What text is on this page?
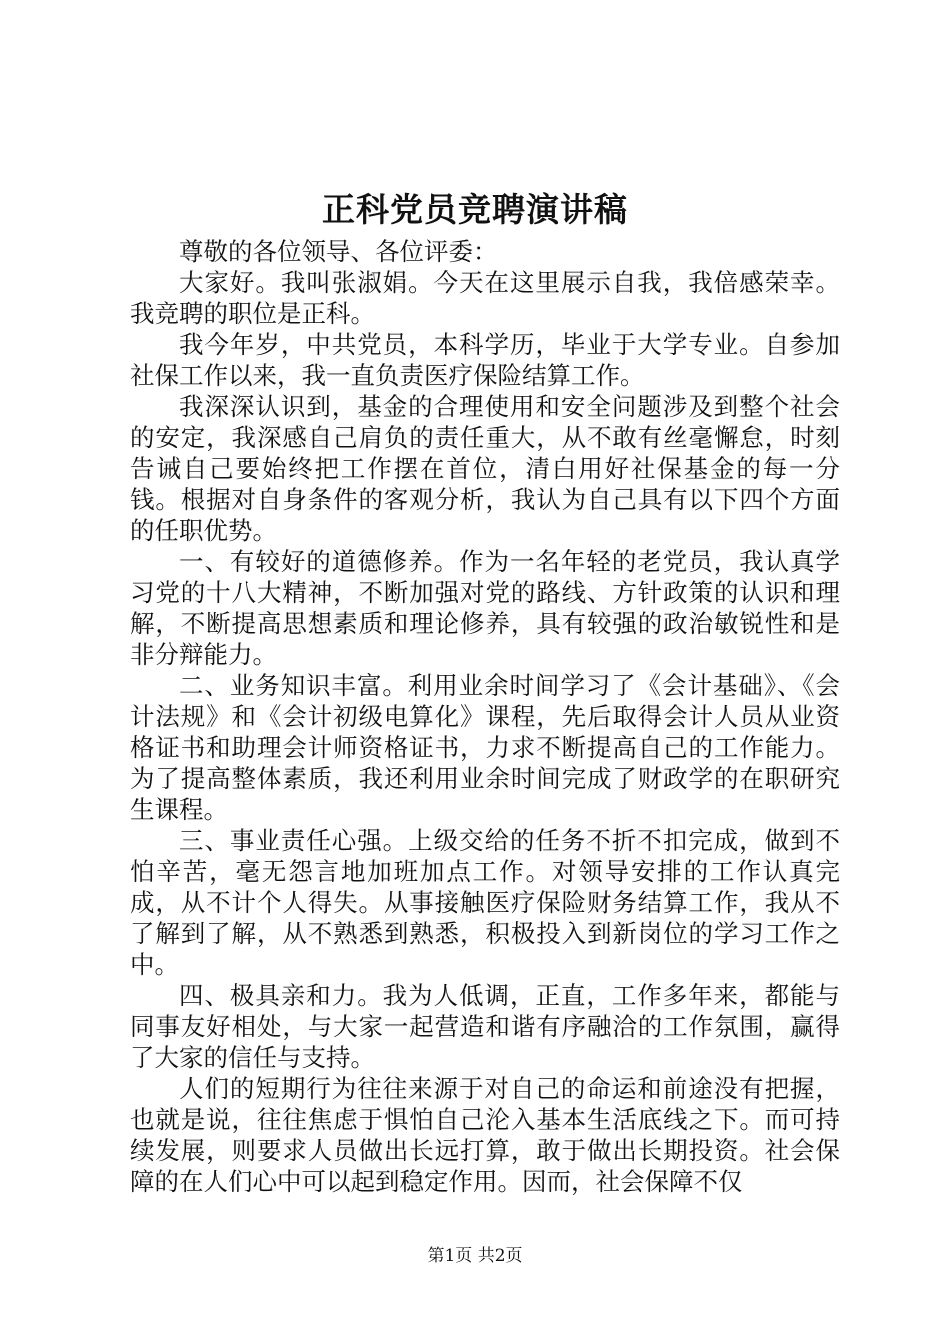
正科党员竞聘演讲稿

尊敬的各位领导、各位评委：

大家好。我叫张淑娟。今天在这里展示自我，我倍感荣幸。我竞聘的职位是正科。

我今年岁，中共党员，本科学历，毕业于大学专业。自参加社保工作以来，我一直负责医疗保险结算工作。

我深深认识到，基金的合理使用和安全问题涉及到整个社会的安定，我深感自己肩负的责任重大，从不敢有丝毫懈怠，时刻告诫自己要始终把工作摆在首位，清白用好社保基金的每一分钱。根据对自身条件的客观分析，我认为自己具有以下四个方面的任职优势。

一、有较好的道德修养。作为一名年轻的老党员，我认真学习党的十八大精神，不断加强对党的路线、方针政策的认识和理解，不断提高思想素质和理论修养，具有较强的政治敏锐性和是非分辩能力。

二、业务知识丰富。利用业余时间学习了《会计基础》、《会计法规》和《会计初级电算化》课程，先后取得会计人员从业资格证书和助理会计师资格证书，力求不断提高自己的工作能力。为了提高整体素质，我还利用业余时间完成了财政学的在职研究生课程。

三、事业责任心强。上级交给的任务不折不扣完成，做到不怕辛苦，毫无怨言地加班加点工作。对领导安排的工作认真完成，从不计个人得失。从事接触医疗保险财务结算工作，我从不了解到了解，从不熟悉到熟悉，积极投入到新岗位的学习工作之中。

四、极具亲和力。我为人低调，正直，工作多年来，都能与同事友好相处，与大家一起营造和谐有序融洽的工作氛围，赢得了大家的信任与支持。

人们的短期行为往往来源于对自己的命运和前途没有把握，也就是说，往往焦虑于惧怕自己沦入基本生活底线之下。而可持续发展，则要求人员做出长远打算，敢于做出长期投资。社会保障的在人们心中可以起到稳定作用。因而，社会保障不仅

第1页 共2页
